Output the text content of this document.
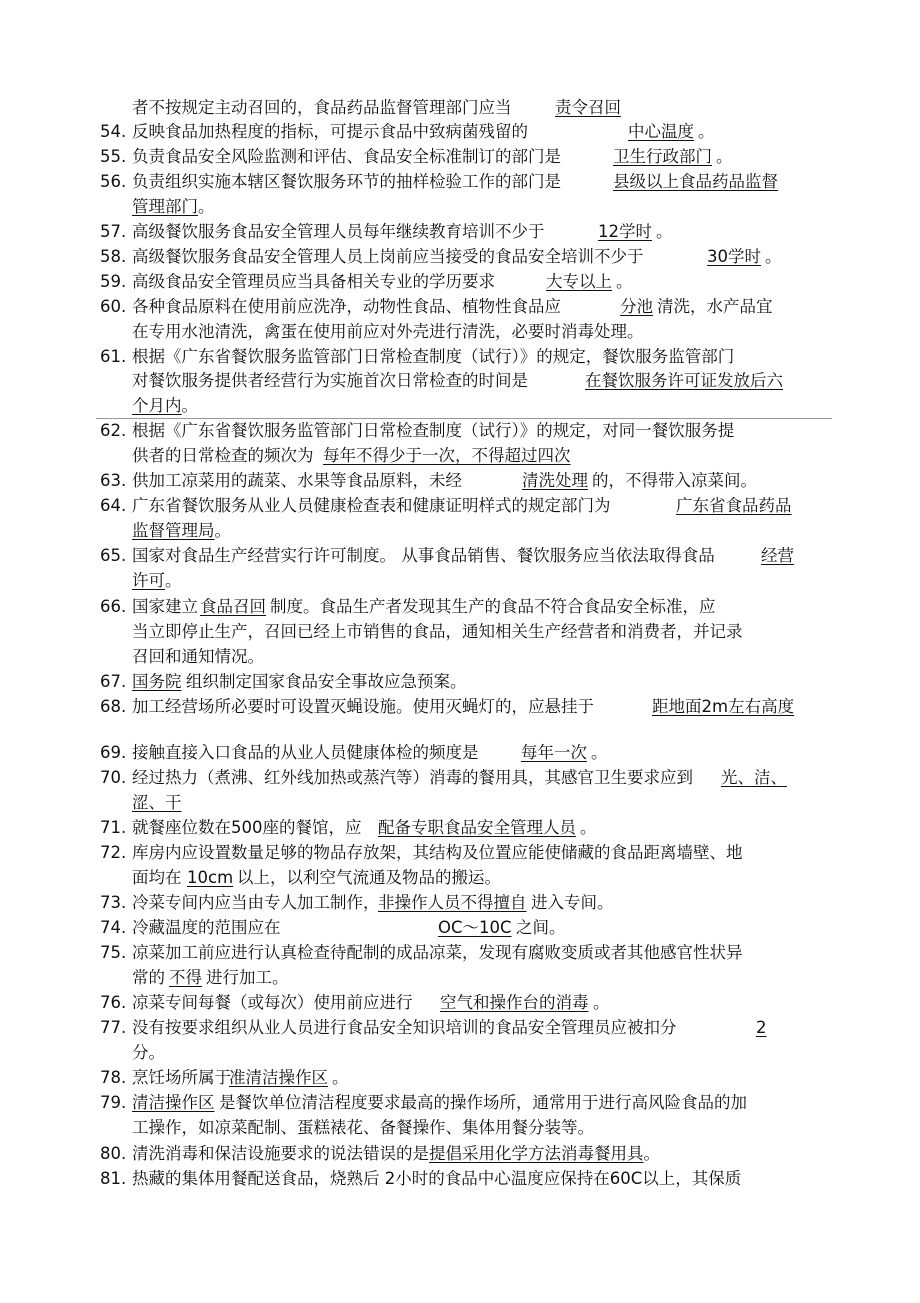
者不按规定主动召回的，食品药品监督管理部门应当	责令召回
54. 反映食品加热程度的指标，可提示食品中致病菌残留的	中心温度 。
55. 负责食品安全风险监测和评估、食品安全标准制订的部门是	卫生行政部门 。
56. 负责组织实施本辖区餐饮服务环节的抽样检验工作的部门是	县级以上食品药品监督
管理部门。
57. 高级餐饮服务食品安全管理人员每年继续教育培训不少于	12学时 。
58. 高级餐饮服务食品安全管理人员上岗前应当接受的食品安全培训不少于	30学时 。
59. 高级食品安全管理员应当具备相关专业的学历要求	大专以上 。
60. 各种食品原料在使用前应洗净，动物性食品、植物性食品应	分池 清洗，水产品宜
在专用水池清洗，禽蛋在使用前应对外壳进行清洗，必要时消毒处理。
61. 根据《广东省餐饮服务监管部门日常检查制度（试行）》的规定，餐饮服务监管部门
对餐饮服务提供者经营行为实施首次日常检查的时间是	在餐饮服务许可证发放后六
个月内。
62. 根据《广东省餐饮服务监管部门日常检查制度（试行）》的规定，对同一餐饮服务提
供者的日常检查的频次为 每年不得少于一次，不得超过四次
63. 供加工凉菜用的蔬菜、水果等食品原料，未经	清洗处理 的，不得带入凉菜间。
64. 广东省餐饮服务从业人员健康检查表和健康证明样式的规定部门为	广东省食品药品
监督管理局。
65. 国家对食品生产经营实行许可制度。 从事食品销售、餐饮服务应当依法取得食品	经营
许可。
66. 国家建立 食品召回 制度。食品生产者发现其生产的食品不符合食品安全标准，应
当立即停止生产，召回已经上市销售的食品，通知相关生产经营者和消费者，并记录
召回和通知情况。
67. 国务院 组织制定国家食品安全事故应急预案。
68. 加工经营场所必要时可设置灭蝇设施。使用灭蝇灯的，应悬挂于	距地面2m左右高度
69. 接触直接入口食品的从业人员健康体检的频度是	每年一次 。
70. 经过热力（煮沸、红外线加热或蒸汽等）消毒的餐用具，其感官卫生要求应到 光、洁、
涩、干
71. 就餐座位数在500座的餐馆，应 配备专职食品安全管理人员 。
72. 库房内应设置数量足够的物品存放架，其结构及位置应能使储藏的食品距离墙壁、地
面均在 10cm 以上，以利空气流通及物品的搬运。
73. 冷菜专间内应当由专人加工制作，
非操作人员不得擅自 进入专间。
74. 冷藏温度的范围应在	OC～10C 之间。
75. 凉菜加工前应进行认真检查待配制的成品凉菜，发现有腐败变质或者其他感官性状异
常的 不得 进行加工。
76. 凉菜专间每餐（或每次）使用前应进行 空气和操作台的消毒 。
77. 没有按要求组织从业人员进行食品安全知识培训的食品安全管理员应被扣分	2
分。
78. 烹饪场所属于
准清洁操作区 。
79. 清洁操作区 是餐饮单位清洁程度要求最高的操作场所，通常用于进行高风险食品的加
工操作，如凉菜配制、蛋糕裱花、备餐操作、集体用餐分装等。
80. 清洗消毒和保洁设施要求的说法错误的是提倡采用化学方法消毒餐用具。
81. 热藏的集体用餐配送食品，烧熟后 2小时的食品中心温度应保持在60C以上，其保质
